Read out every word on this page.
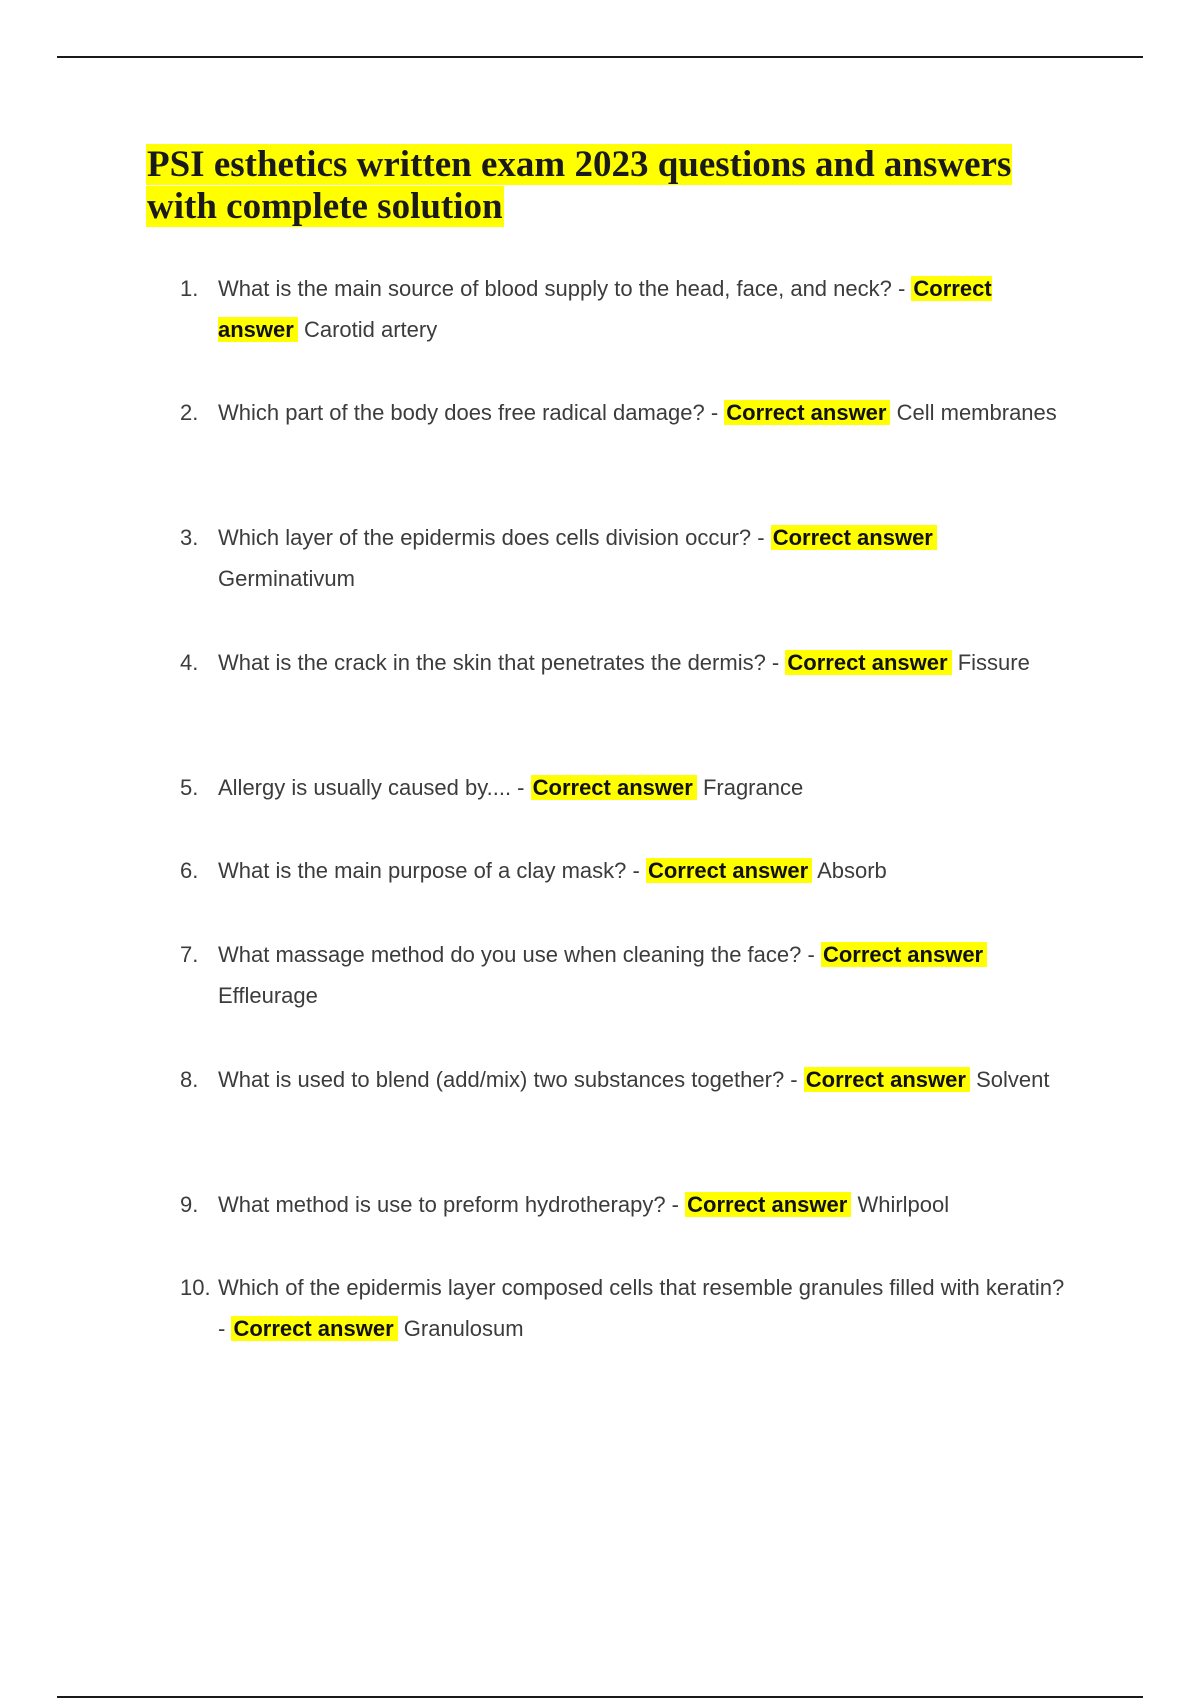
PSI esthetics written exam 2023 questions and answers with complete solution
1. What is the main source of blood supply to the head, face, and neck? - Correct answer Carotid artery
2. Which part of the body does free radical damage? - Correct answer Cell membranes
3. Which layer of the epidermis does cells division occur? - Correct answer Germinativum
4. What is the crack in the skin that penetrates the dermis? - Correct answer Fissure
5. Allergy is usually caused by.... - Correct answer Fragrance
6. What is the main purpose of a clay mask? - Correct answer Absorb
7. What massage method do you use when cleaning the face? - Correct answer Effleurage
8. What is used to blend (add/mix) two substances together? - Correct answer Solvent
9. What method is use to preform hydrotherapy? - Correct answer Whirlpool
10. Which of the epidermis layer composed cells that resemble granules filled with keratin? - Correct answer Granulosum
